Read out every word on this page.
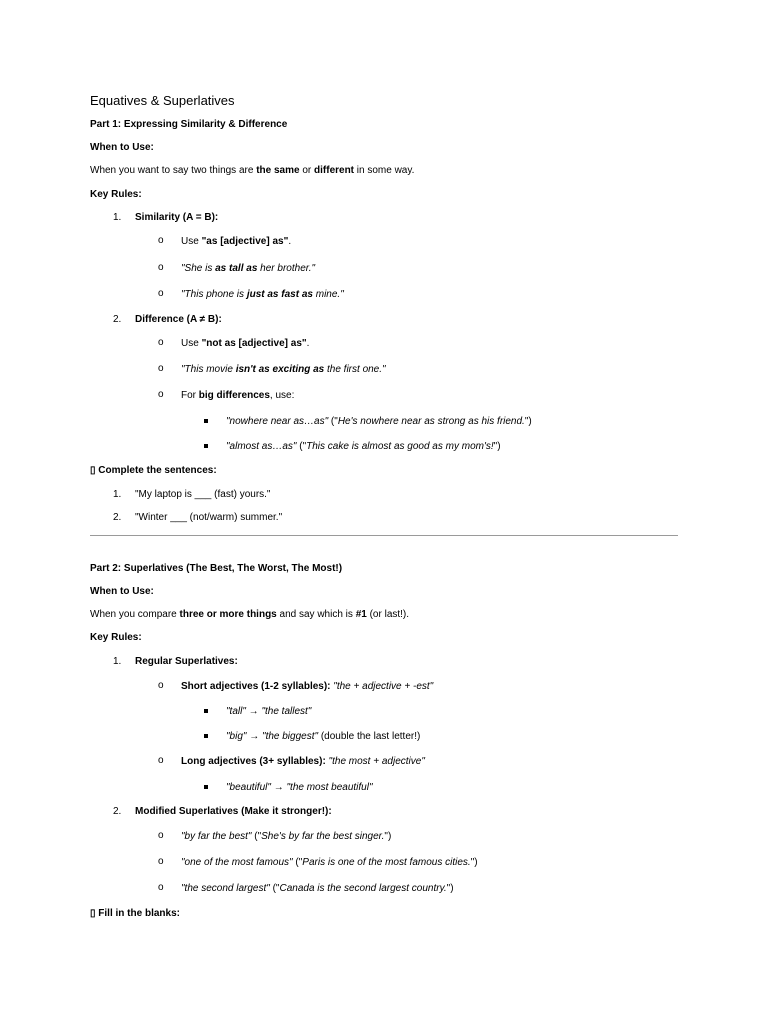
Equatives & Superlatives
Part 1: Expressing Similarity & Difference
When to Use:
When you want to say two things are the same or different in some way.
Key Rules:
1. Similarity (A = B):
o Use "as [adjective] as".
o "She is as tall as her brother."
o "This phone is just as fast as mine."
2. Difference (A ≠ B):
o Use "not as [adjective] as".
o "This movie isn't as exciting as the first one."
o For big differences, use:
"nowhere near as…as" ("He's nowhere near as strong as his friend.")
"almost as…as" ("This cake is almost as good as my mom's!")
▯ Complete the sentences:
1. "My laptop is ___ (fast) yours."
2. "Winter ___ (not/warm) summer."
Part 2: Superlatives (The Best, The Worst, The Most!)
When to Use:
When you compare three or more things and say which is #1 (or last!).
Key Rules:
1. Regular Superlatives:
o Short adjectives (1-2 syllables): "the + adjective + -est"
"tall" → "the tallest"
"big" → "the biggest" (double the last letter!)
o Long adjectives (3+ syllables): "the most + adjective"
"beautiful" → "the most beautiful"
2. Modified Superlatives (Make it stronger!):
o "by far the best" ("She's by far the best singer.")
o "one of the most famous" ("Paris is one of the most famous cities.")
o "the second largest" ("Canada is the second largest country.")
▯ Fill in the blanks:
